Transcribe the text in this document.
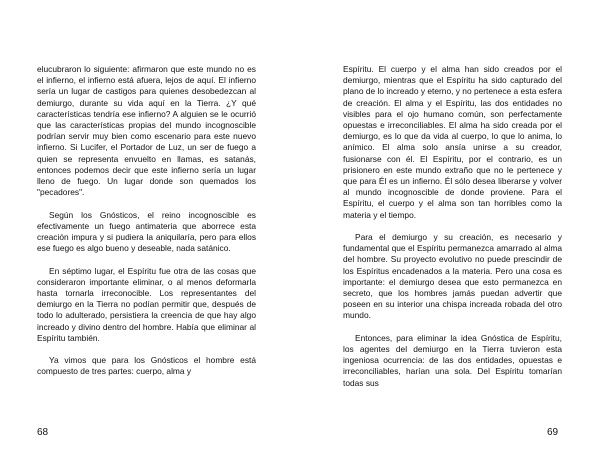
elucubraron lo siguiente: afirmaron que este mundo no es el infierno, el infierno está afuera, lejos de aquí. El infierno sería un lugar de castigos para quienes desobedezcan al demiurgo, durante su vida aquí en la Tierra. ¿Y qué características tendría ese infierno? A alguien se le ocurrió que las características propias del mundo incognoscible podrían servir muy bien como escenario para este nuevo infierno. Si Lucifer, el Portador de Luz, un ser de fuego a quien se representa envuelto en llamas, es satanás, entonces podemos decir que este infierno sería un lugar lleno de fuego. Un lugar donde son quemados los "pecadores".

Según los Gnósticos, el reino incognoscible es efectivamente un fuego antimateria que aborrece esta creación impura y si pudiera la aniquilaría, pero para ellos ese fuego es algo bueno y deseable, nada satánico.

En séptimo lugar, el Espíritu fue otra de las cosas que consideraron importante eliminar, o al menos deformarla hasta tornarla irreconocible. Los representantes del demiurgo en la Tierra no podían permitir que, después de todo lo adulterado, persistiera la creencia de que hay algo increado y divino dentro del hombre. Había que eliminar al Espíritu también.

Ya vimos que para los Gnósticos el hombre está compuesto de tres partes: cuerpo, alma y

68

Espíritu. El cuerpo y el alma han sido creados por el demiurgo, mientras que el Espíritu ha sido capturado del plano de lo increado y eterno, y no pertenece a esta esfera de creación. El alma y el Espíritu, las dos entidades no visibles para el ojo humano común, son perfectamente opuestas e irreconciliables. El alma ha sido creada por el demiurgo, es lo que da vida al cuerpo, lo que lo anima, lo anímico. El alma solo ansía unirse a su creador, fusionarse con él. El Espíritu, por el contrario, es un prisionero en este mundo extraño que no le pertenece y que para Él es un infierno. Él sólo desea liberarse y volver al mundo incognoscible de donde proviene. Para el Espíritu, el cuerpo y el alma son tan horribles como la materia y el tiempo.

Para el demiurgo y su creación, es necesario y fundamental que el Espíritu permanezca amarrado al alma del hombre. Su proyecto evolutivo no puede prescindir de los Espíritus encadenados a la materia. Pero una cosa es importante: el demiurgo desea que esto permanezca en secreto, que los hombres jamás puedan advertir que poseen en su interior una chispa increada robada del otro mundo.

Entonces, para eliminar la idea Gnóstica de Espíritu, los agentes del demiurgo en la Tierra tuvieron esta ingeniosa ocurrencia: de las dos entidades, opuestas e irreconciliables, harían una sola. Del Espíritu tomarían todas sus

69
